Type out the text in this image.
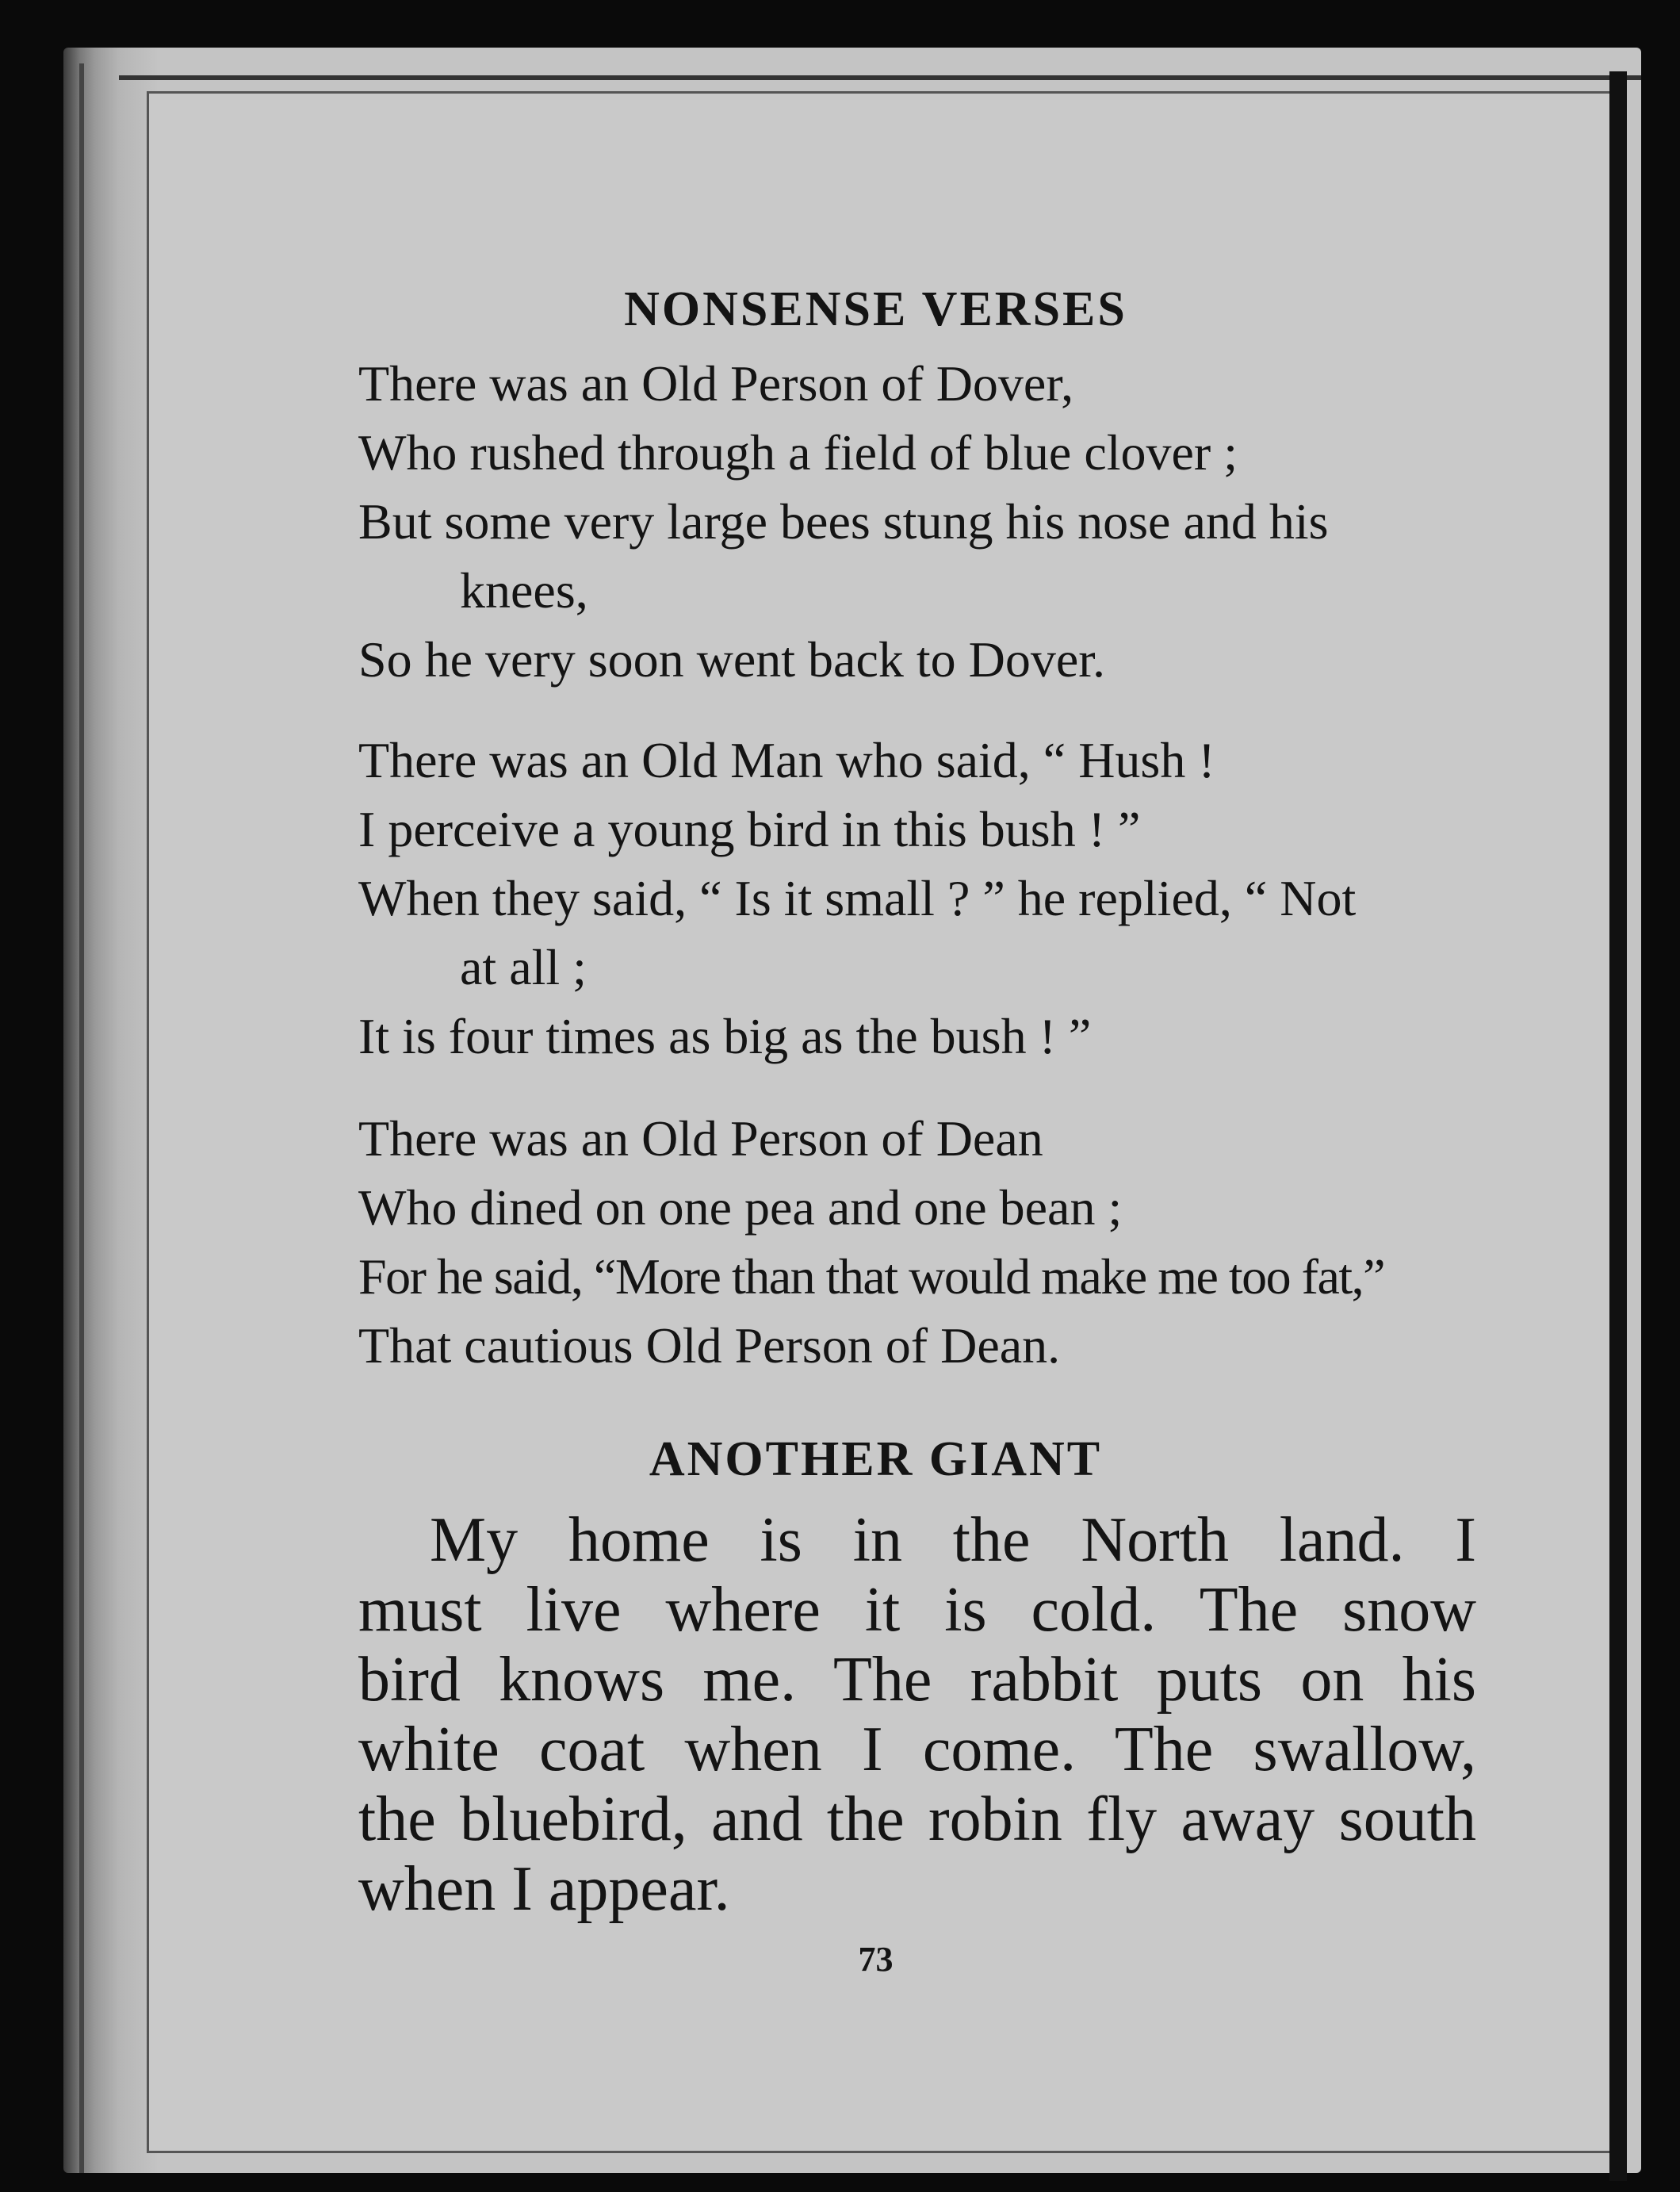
NONSENSE VERSES
There was an Old Person of Dover,
Who rushed through a field of blue clover ;
But some very large bees stung his nose and his
knees,
So he very soon went back to Dover.
There was an Old Man who said, “ Hush !
I perceive a young bird in this bush ! ”
When they said, “ Is it small ? ” he replied, “ Not
at all ;
It is four times as big as the bush ! ”
There was an Old Person of Dean
Who dined on one pea and one bean ;
For he said, “More than that would make me too fat,”
That cautious Old Person of Dean.
ANOTHER GIANT
My home is in the North land. I
must live where it is cold. The snow
bird knows me. The rabbit puts on his
white coat when I come. The swallow,
the bluebird, and the robin fly away south
when I appear.
73
